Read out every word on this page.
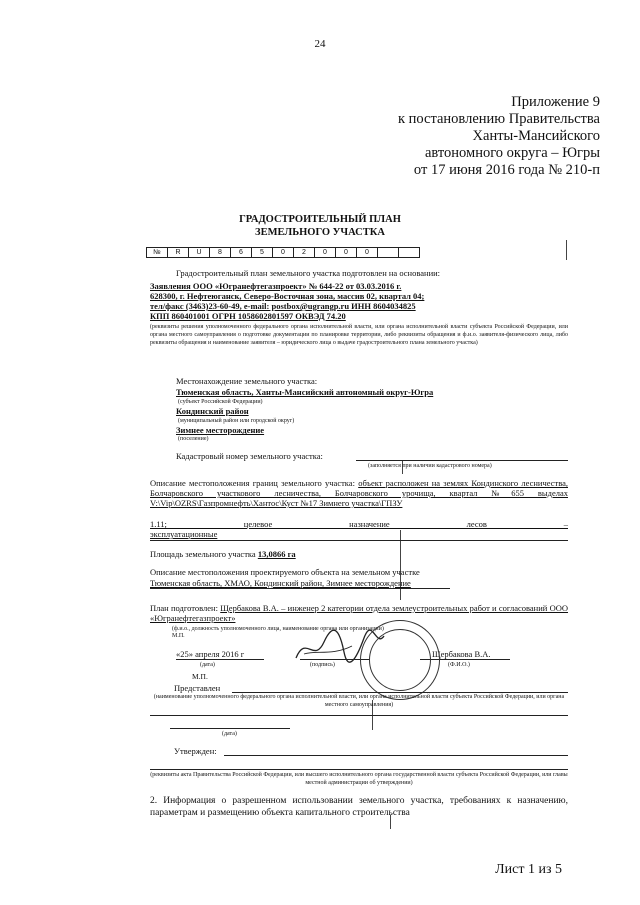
24
Приложение 9
к постановлению Правительства
Ханты-Мансийского
автономного округа – Югры
от 17 июня 2016 года № 210-п
ГРАДОСТРОИТЕЛЬНЫЙ ПЛАН
ЗЕМЕЛЬНОГО УЧАСТКА
№	R	U	8	6	5	0	2	0	0	0		
Градостроительный план земельного участка подготовлен на основании:
Заявления ООО «Югранефтегазпроект» № 644-22 от 03.03.2016 г.
628300, г. Нефтеюганск, Северо-Восточная зона, массив 02, квартал 04;
тел/факс (3463)23-60-49, e-mail: postbox@ugrangp.ru ИНН 8604034825
КПП 860401001 ОГРН 1058602801597 ОКВЭД 74.20
(реквизиты решения уполномоченного федерального органа исполнительной власти, или органа исполнительной власти субъекта Российской Федерации, или органа местного самоуправления о подготовке документации по планировке территории, либо реквизиты обращения и ф.и.о. заявителя-физического лица, либо реквизиты обращения и наименование заявителя – юридического лица о выдаче градостроительного плана земельного участка)
Местонахождение земельного участка:
Тюменская область, Ханты-Мансийский автономный округ-Югра
(субъект Российской Федерации)
Кондинский район
(муниципальный район или городской округ)
Зимнее месторождение
(поселение)
Кадастровый номер земельного участка:
(заполняется при наличии кадастрового номера)
Описание местоположения границ земельного участка: объект расположен на землях Кондинского лесничества, Болчаровского участкового лесничества, Болчаровского урочища, квартал №655 выделах V:\Vip\OZRS\Газпромнефть\Хантос\Куст №17 Зимнего участка\ГПЗУ
1.11; целевое назначение лесов – эксплуатационные
Площадь земельного участка 13,0866 га
Описание местоположения проектируемого объекта на земельном участке
Тюменская область, ХМАО, Кондинский район, Зимнее месторождение
План подготовлен: Щербакова В.А. – инженер 2 категории отдела землеустроительных работ и согласований ООО «Югранефтегазпроект»
(ф.и.о., должность уполномоченного лица, наименование органа или организации)
М.П.
«25» апреля 2016 г
(дата)	(подпись)
Щербакова В.А.
(Ф.И.О.)
М.П.
Представлен
(наименование уполномоченного федерального органа исполнительной власти, или органа исполнительной власти субъекта Российской Федерации, или органа местного самоуправления)
(дата)
Утвержден:
(реквизиты акта Правительства Российской Федерации, или высшего исполнительного органа государственной власти субъекта Российской Федерации, или главы местной администрации об утверждении)
2. Информация о разрешенном использовании земельного участка, требованиях к назначению, параметрам и размещению объекта капитального строительства
Лист 1 из 5
